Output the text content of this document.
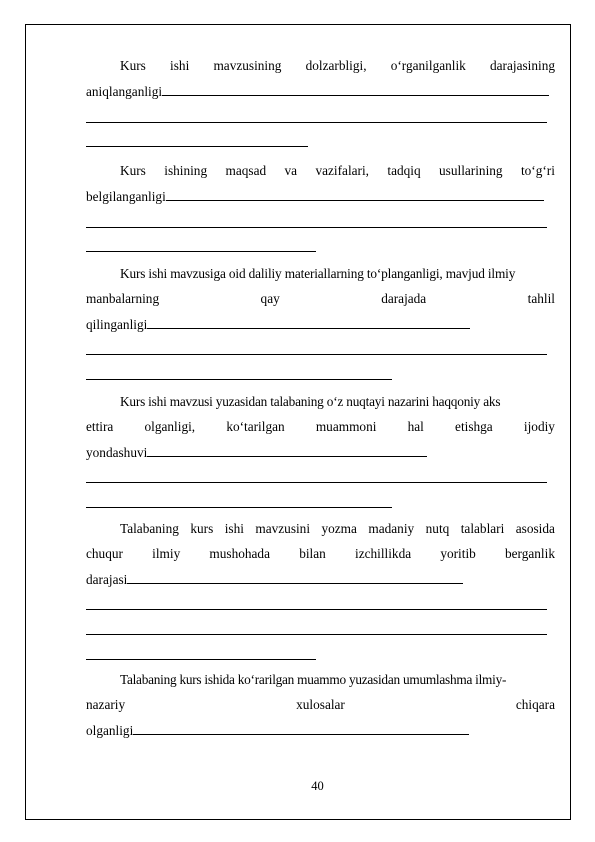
Kurs ishi mavzusining dolzarbligi, o‘rganilganlik darajasining
aniqlanganligi
Kurs ishining maqsad va vazifalari, tadqiq usullarining to‘g‘ri
belgilanganligi
Kurs ishi mavzusiga oid daliliy materiallarning to‘planganligi, mavjud ilmiy
manbalarning	qay	darajada	tahlil
qilinganligi
Kurs ishi mavzusi yuzasidan talabaning o‘z nuqtayi nazarini haqqoniy aks
ettira olganligi, ko‘tarilgan muammoni hal etishga ijodiy
yondashuvi
Talabaning kurs ishi mavzusini yozma madaniy nutq talablari asosida
chuqur ilmiy mushohada bilan izchillikda yoritib berganlik
darajasi
Talabaning kurs ishida ko‘rarilgan muammo yuzasidan umumlashma ilmiy-
nazariy	xulosalar	chiqara
olganligi
40
